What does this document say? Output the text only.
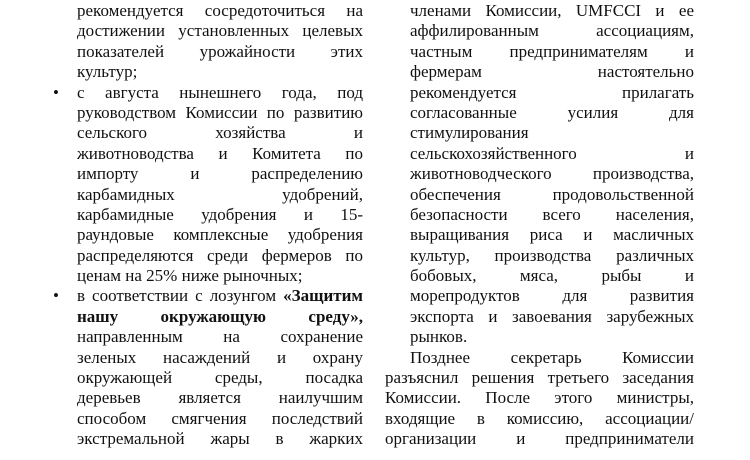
рекомендуется сосредоточиться на
достижении установленных целевых
показателей урожайности этих
культур;
• с августа нынешнего года, под
руководством Комиссии по развитию
сельского хозяйства и
животноводства и Комитета по
импорту и распределению
карбамидных удобрений,
карбамидные удобрения и 15-
раундовые комплексные удобрения
распределяются среди фермеров по
ценам на 25% ниже рыночных;
• в соответствии с лозунгом «Защитим
нашу окружающую среду»,
направленным на сохранение
зеленых насаждений и охрану
окружающей среды, посадка
деревьев является наилучшим
способом смягчения последствий
экстремальной жары в жарких
членами Комиссии, UMFCCI и ее
аффилированным ассоциациям,
частным предпринимателям и
фермерам настоятельно
рекомендуется прилагать
согласованные усилия для
стимулирования
сельскохозяйственного и
животноводческого производства,
обеспечения продовольственной
безопасности всего населения,
выращивания риса и масличных
культур, производства различных
бобовых, мяса, рыбы и
морепродуктов для развития
экспорта и завоевания зарубежных
рынков.
Позднее секретарь Комиссии
разъяснил решения третьего заседания
Комиссии. После этого министры,
входящие в комиссию, ассоциации/
организации и предприниматели
